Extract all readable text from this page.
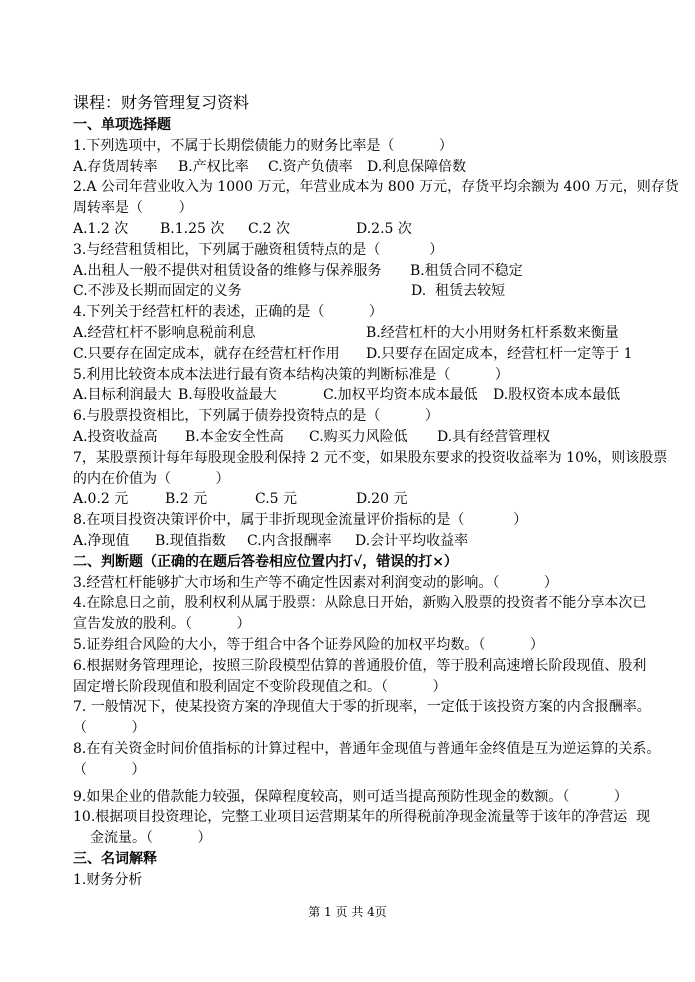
课程：财务管理复习资料
一、单项选择题
1.下列选项中，不属于长期偿债能力的财务比率是（          ）
A.存货周转率 B.产权比率 C.资产负债率 D.利息保障倍数
2.A 公司年营业收入为 1000 万元，年营业成本为 800 万元，存货平均余额为 400 万元，则存货
周转率是（        ）
A.1.2 次 B.1.25 次 C.2 次	D.2.5 次
3.与经营租赁相比，下列属于融资租赁特点的是（           ）
A.出租人一般不提供对租赁设备的维修与保养服务 B.租赁合同不稳定
C.不涉及长期而固定的义务	D.  租赁去较短
4.下列关于经营杠杆的表述，正确的是（          ）
A.经营杠杆不影响息税前利息	B.经营杠杆的大小用财务杠杆系数来衡量
C.只要存在固定成本，就存在经营杠杆作用 D.只要存在固定成本，经营杠杆一定等于 1
5.利用比较资本成本法进行最有资本结构决策的判断标准是（          ）
A.目标利润最大 B.每股收益最大	C.加权平均资本成本最低 D.股权资本成本最低
6.与股票投资相比，下列属于债券投资特点的是（          ）
A.投资收益高 B.本金安全性高 C.购买力风险低 D.具有经营管理权
7，某股票预计每年每股现金股利保持 2 元不变，如果股东要求的投资收益率为 10%，则该股票
的内在价值为（          ）
A.0.2 元	B.2 元	C.5 元	D.20 元
8.在项目投资决策评价中，属于非折现现金流量评价指标的是（           ）
A.净现值 B.现值指数 C.内含报酬率 D.会计平均收益率
二、判断题（正确的在题后答卷相应位置内打√，错误的打×）
3.经营杠杆能够扩大市场和生产等不确定性因素对利润变动的影响。（          ）
4.在除息日之前，股利权利从属于股票：从除息日开始，新购入股票的投资者不能分享本次已
宣告发放的股利。（          ）
5.证券组合风险的大小，等于组合中各个证券风险的加权平均数。（          ）
6.根据财务管理理论，按照三阶段模型估算的普通股价值，等于股利高速增长阶段现值、股利
固定增长阶段现值和股利固定不变阶段现值之和。（          ）
7. 一般情况下，使某投资方案的净现值大于零的折现率，一定低于该投资方案的内含报酬率。
（          ）
8.在有关资金时间价值指标的计算过程中，普通年金现值与普通年金终值是互为逆运算的关系。
（          ）
9.如果企业的借款能力较强，保障程度较高，则可适当提高预防性现金的数额。（          ）
10.根据项目投资理论，完整工业项目运营期某年的所得税前净现金流量等于该年的净营运  现
金流量。（          ）
三、名词解释
1.财务分析
第 1 页 共 4页
